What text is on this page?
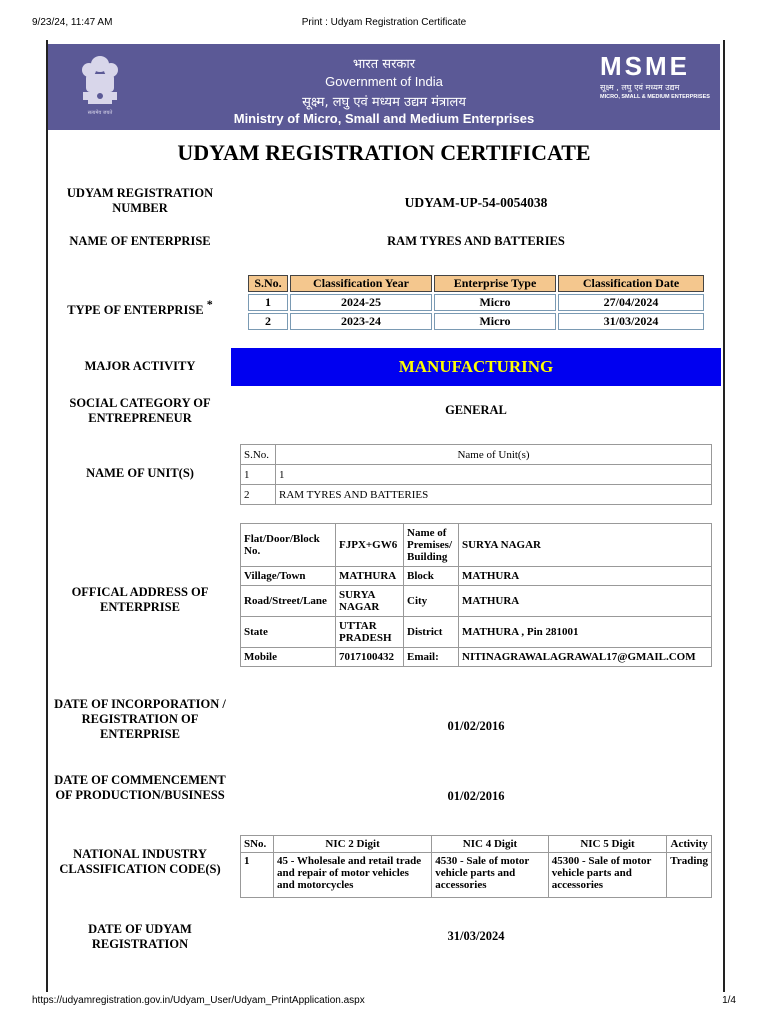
9/23/24, 11:47 AM	Print : Udyam Registration Certificate
सत्यमेव जयते
भारत सरकार
Government of India
सूक्ष्म, लघु एवं मध्यम उद्यम मंत्रालय
Ministry of Micro, Small and Medium Enterprises
MSME
सूक्ष्म , लघु एवं मध्यम उद्यम
MICRO, SMALL & MEDIUM ENTERPRISES
UDYAM REGISTRATION CERTIFICATE
UDYAM REGISTRATION NUMBER	UDYAM-UP-54-0054038
NAME OF ENTERPRISE	RAM TYRES AND BATTERIES
TYPE OF ENTERPRISE *
S.No.	Classification Year	Enterprise Type	Classification Date
1	2024-25	Micro	27/04/2024
2	2023-24	Micro	31/03/2024
MAJOR ACTIVITY	MANUFACTURING
SOCIAL CATEGORY OF ENTREPRENEUR
GENERAL
NAME OF UNIT(S)
S.No.	Name of Unit(s)
1	1
2	RAM TYRES AND BATTERIES
OFFICAL ADDRESS OF ENTERPRISE
Flat/Door/Block No.	FJPX+GW6	Name of Premises/ Building	SURYA NAGAR
Village/Town	MATHURA	Block	MATHURA
Road/Street/Lane	SURYA NAGAR	City	MATHURA
State	UTTAR PRADESH	District	MATHURA , Pin 281001
Mobile	7017100432	Email:	NITINAGRAWALAGRAWAL17@GMAIL.COM
DATE OF INCORPORATION / REGISTRATION OF ENTERPRISE
01/02/2016
DATE OF COMMENCEMENT OF PRODUCTION/BUSINESS	01/02/2016
NATIONAL INDUSTRY CLASSIFICATION CODE(S)
SNo.	NIC 2 Digit	NIC 4 Digit	NIC 5 Digit	Activity
1	45 - Wholesale and retail trade and repair of motor vehicles and motorcycles	4530 - Sale of motor vehicle parts and accessories	45300 - Sale of motor vehicle parts and accessories	Trading
DATE OF UDYAM REGISTRATION
31/03/2024
https://udyamregistration.gov.in/Udyam_User/Udyam_PrintApplication.aspx	1/4
